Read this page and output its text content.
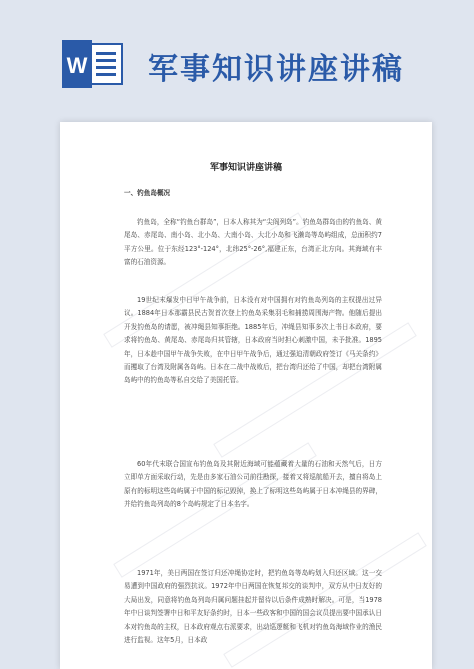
W 军事知识讲座讲稿
军事知识讲座讲稿
一、钓鱼岛概况

钓鱼岛，全称“钓鱼台群岛”，日本人称其为“尖阁列岛”。钓鱼岛群岛由的钓鱼岛、黄尾岛、赤尾岛、南小岛、北小岛、大南小岛、大北小岛和飞濑岛等岛屿组成，总面积约7平方公里。位于东经123°-124°，北纬25°-26°,福建正东，台湾正北方向。其海域有丰富的石油资源。

19世纪末爆发中日甲午战争前，日本没有对中国拥有对钓鱼岛列岛的主权提出过异议。1884年日本那霸县民古贺首次登上钓鱼岛采集羽毛和捕捞周围海产物。他随后提出开发钓鱼岛的请愿，被冲绳县知事拒绝。1885年后，冲绳县知事多次上书日本政府，要求将钓鱼岛、黄尾岛、赤尾岛归其管辖，日本政府当时担心刺激中国，未予批准。1895年，日本趁中国甲午战争失败，在中日甲午战争后，通过强迫清朝政府签订《马关条约》而攫取了台湾及附属各岛屿。日本在二战中战败后，把台湾归还给了中国，却把台湾附属岛屿中的钓鱼岛等私自交给了美国托管。

60年代末联合国宣布钓鱼岛及其附近海域可能蕴藏着大量的石油和天然气后，日方立即单方面采取行动，先是由多家石油公司前往勘探，接着又将巡航船开去，擅自将岛上原有的标明这些岛屿属于中国的标记毁掉，换上了标明这些岛屿属于日本冲绳县的界碑，并给钓鱼岛列岛的8个岛屿规定了日本名字。

1971年，美日两国在签订归还冲绳协定时，把钓鱼岛等岛屿划入归还区域。这一交易遭到中国政府的强烈抗议。1972年中日两国在恢复邦交的谈判中，双方从中日友好的大局出发，同意将钓鱼岛列岛归属问题挂起并留待以后条件成熟时解决。可是，当1978年中日谈判签署中日和平友好条约时，日本一些政客和中国的国会议员提出要中国承认日本对钓鱼岛的主权，日本政府观点右派要求，出动巡逻艇和飞机对钓鱼岛海域作业的渔民进行监视。这年5月，日本政
